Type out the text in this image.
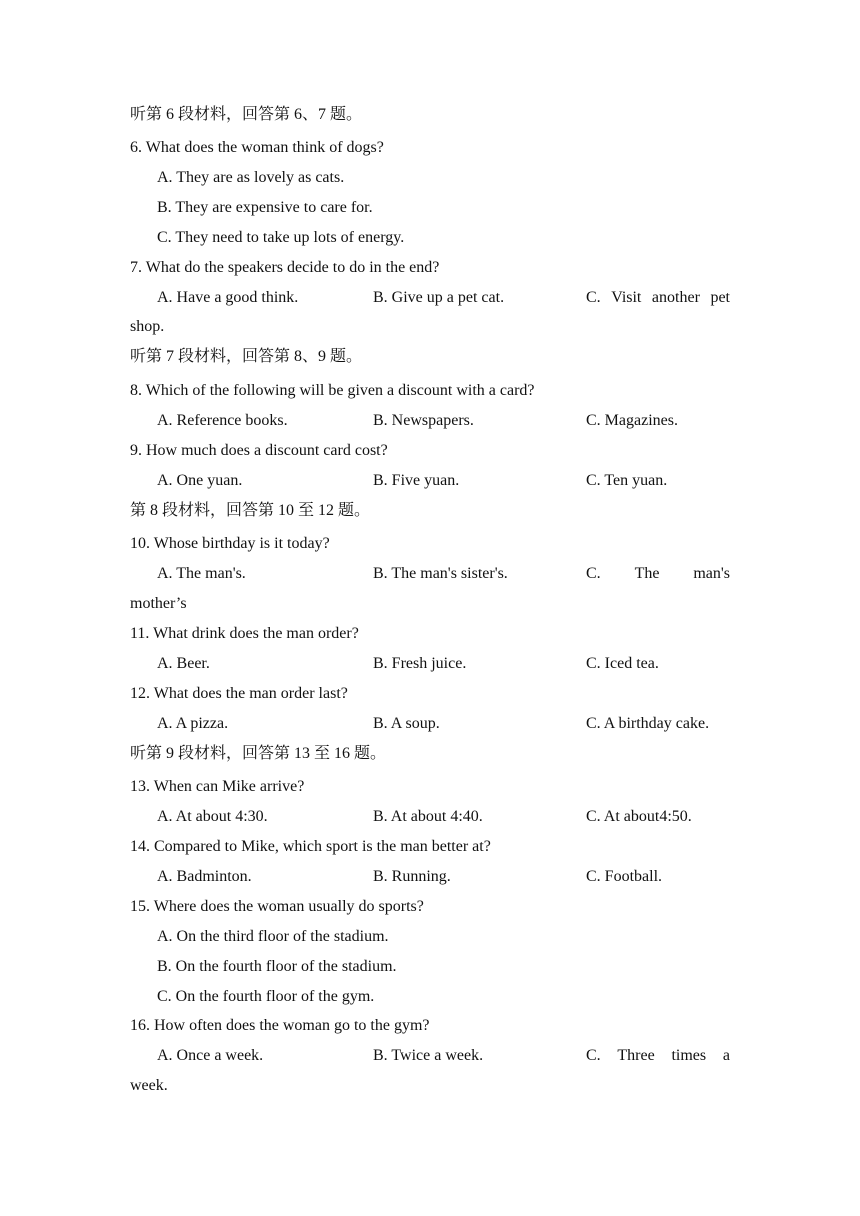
听第 6 段材料，回答第 6、7 题。
6. What does the woman think of dogs?
A. They are as lovely as cats.
B. They are expensive to care for.
C. They need to take up lots of energy.
7. What do the speakers decide to do in the end?
A. Have a good think.	B. Give up a pet cat.	C. Visit another pet
shop.
听第 7 段材料，回答第 8、9 题。
8. Which of the following will be given a discount with a card?
A. Reference books.	B. Newspapers.	C. Magazines.
9. How much does a discount card cost?
A. One yuan.	B. Five yuan.	C. Ten yuan.
第 8 段材料，回答第 10 至 12 题。
10. Whose birthday is it today?
A. The man's.	B. The man's sister's.	C. The man's
mother’s
11. What drink does the man order?
A. Beer.	B. Fresh juice.	C. Iced tea.
12. What does the man order last?
A. A pizza.	B. A soup.	C. A birthday cake.
听第 9 段材料，回答第 13 至 16 题。
13. When can Mike arrive?
A. At about 4:30.	B. At about 4:40.	C. At about4:50.
14. Compared to Mike, which sport is the man better at?
A. Badminton.	B. Running.	C. Football.
15. Where does the woman usually do sports?
A. On the third floor of the stadium.
B. On the fourth floor of the stadium.
C. On the fourth floor of the gym.
16. How often does the woman go to the gym?
A. Once a week.	B. Twice a week.	C. Three times a
week.
